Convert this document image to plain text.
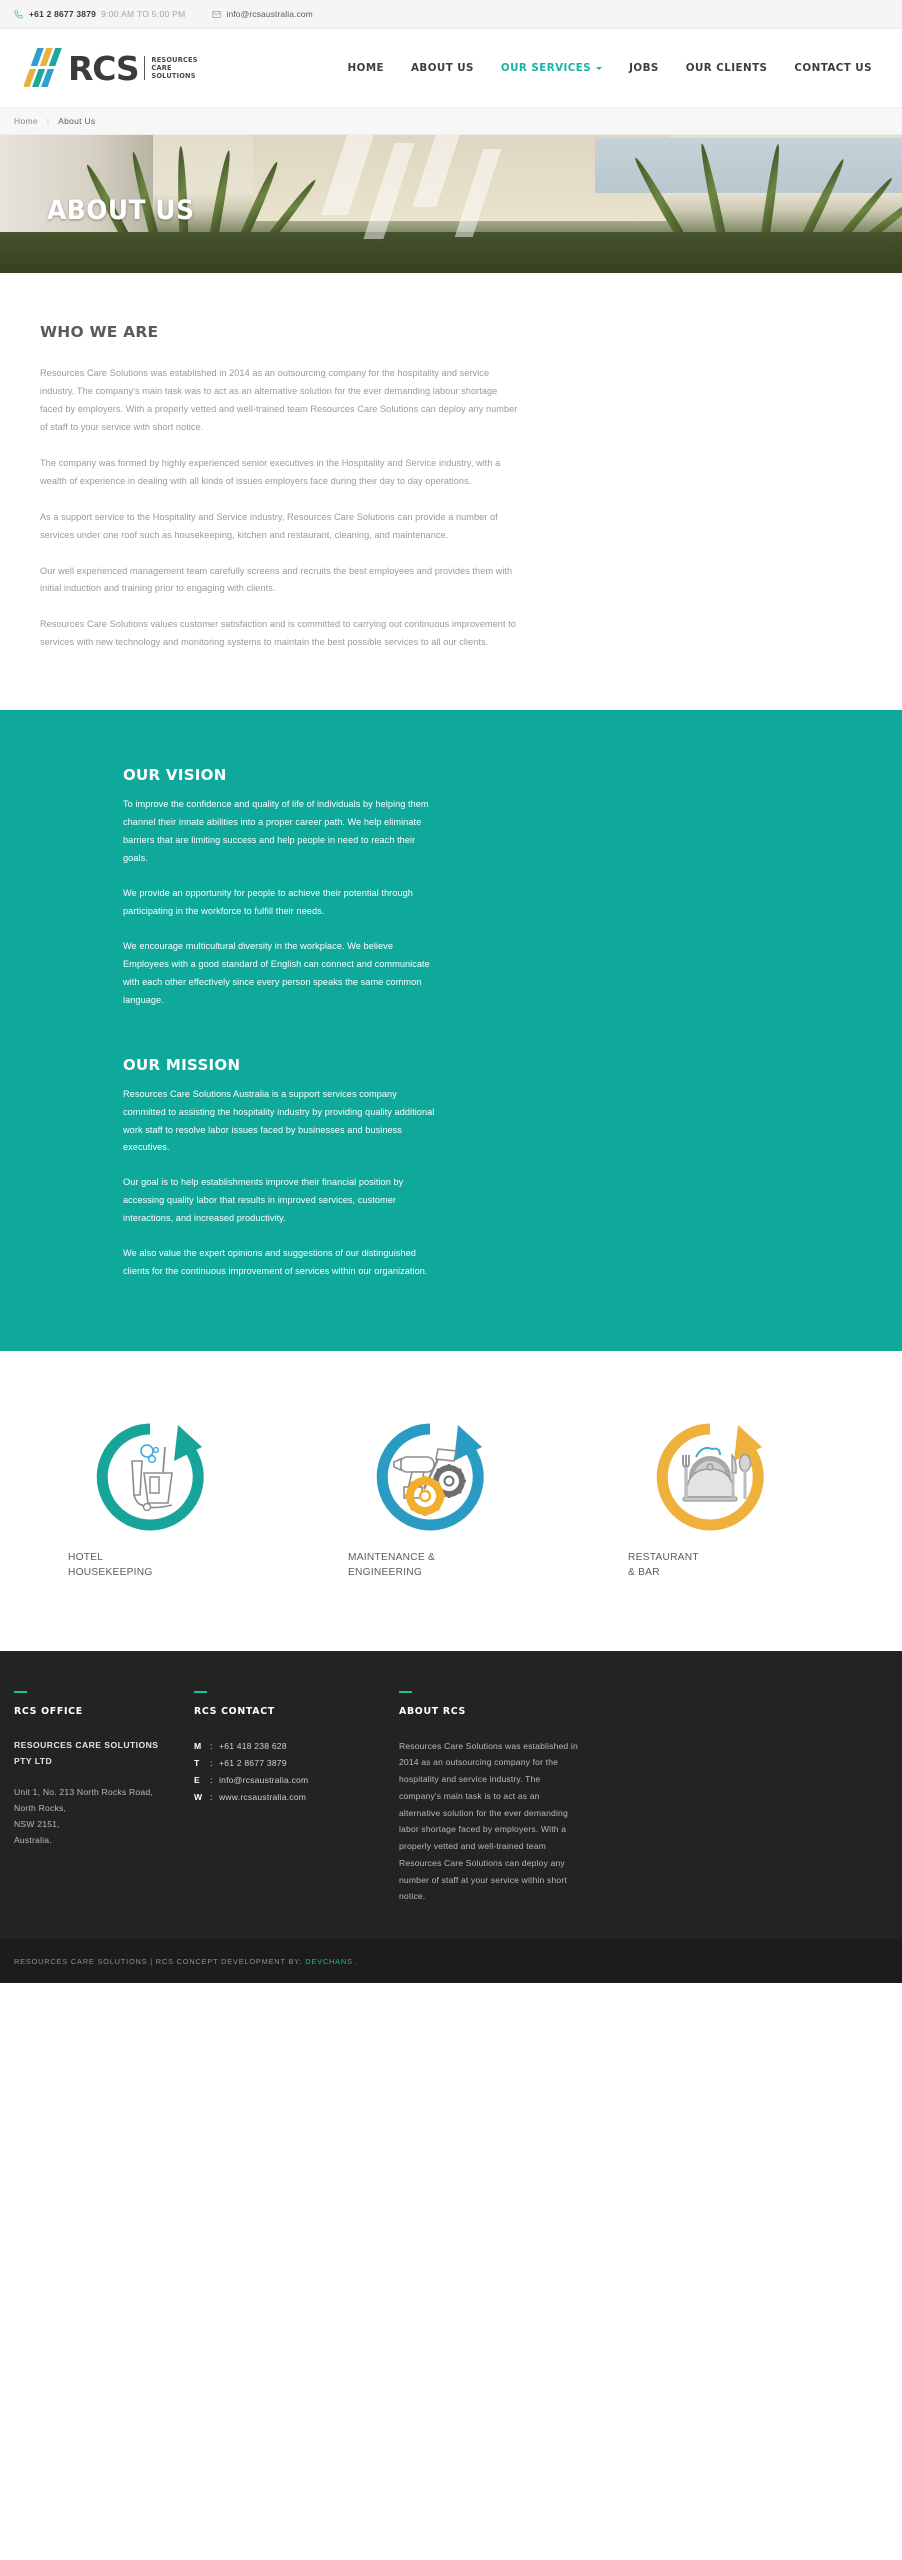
+61 2 8677 3879 9:00 AM TO 5:00 PM	info@rcsaustralia.com
RCS RESOURCES
CARE
SOLUTIONS
HOME	ABOUT US	OUR SERVICES	JOBS	OUR CLIENTS	CONTACT US
Home | About Us
ABOUT US
WHO WE ARE

Resources Care Solutions was established in 2014 as an outsourcing company for the hospitality and service industry. The company's main task was to act as an alternative solution for the ever demanding labour shortage faced by employers. With a properly vetted and well-trained team Resources Care Solutions can deploy any number of staff to your service with short notice.

The company was formed by highly experienced senior executives in the Hospitality and Service industry, with a wealth of experience in dealing with all kinds of issues employers face during their day to day operations.

As a support service to the Hospitality and Service industry, Resources Care Solutions can provide a number of services under one roof such as housekeeping, kitchen and restaurant, cleaning, and maintenance.

Our well experienced management team carefully screens and recruits the best employees and provides them with initial induction and training prior to engaging with clients.

Resources Care Solutions values customer satisfaction and is committed to carrying out continuous improvement to services with new technology and monitoring systems to maintain the best possible services to all our clients.

OUR VISION

To improve the confidence and quality of life of individuals by helping them channel their innate abilities into a proper career path. We help eliminate barriers that are limiting success and help people in need to reach their goals.

We provide an opportunity for people to achieve their potential through participating in the workforce to fulfill their needs.

We encourage multicultural diversity in the workplace. We believe Employees with a good standard of English can connect and communicate with each other effectively since every person speaks the same common language.

OUR MISSION

Resources Care Solutions Australia is a support services company committed to assisting the hospitality industry by providing quality additional work staff to resolve labor issues faced by businesses and business executives.

Our goal is to help establishments improve their financial position by accessing quality labor that results in improved services, customer interactions, and increased productivity.

We also value the expert opinions and suggestions of our distinguished clients for the continuous improvement of services within our organization.

HOTEL
HOUSEKEEPING
MAINTENANCE &
ENGINEERING
RESTAURANT
& BAR
RCS OFFICE
RESOURCES CARE SOLUTIONS
PTY LTD
Unit 1, No. 213 North Rocks Road,
North Rocks,
NSW 2151,
Australia.
RCS CONTACT
M	: +61 418 238 628
T	: +61 2 8677 3879
E	: info@rcsaustralia.com
W : www.rcsaustralia.com
ABOUT RCS
Resources Care Solutions was established in 2014 as an outsourcing company for the hospitality and service industry. The company's main task is to act as an alternative solution for the ever demanding labor shortage faced by employers. With a properly vetted and well-trained team Resources Care Solutions can deploy any number of staff at your service within short notice.
RESOURCES CARE SOLUTIONS | RCS CONCEPT DEVELOPMENT BY: DEVCHANS .
